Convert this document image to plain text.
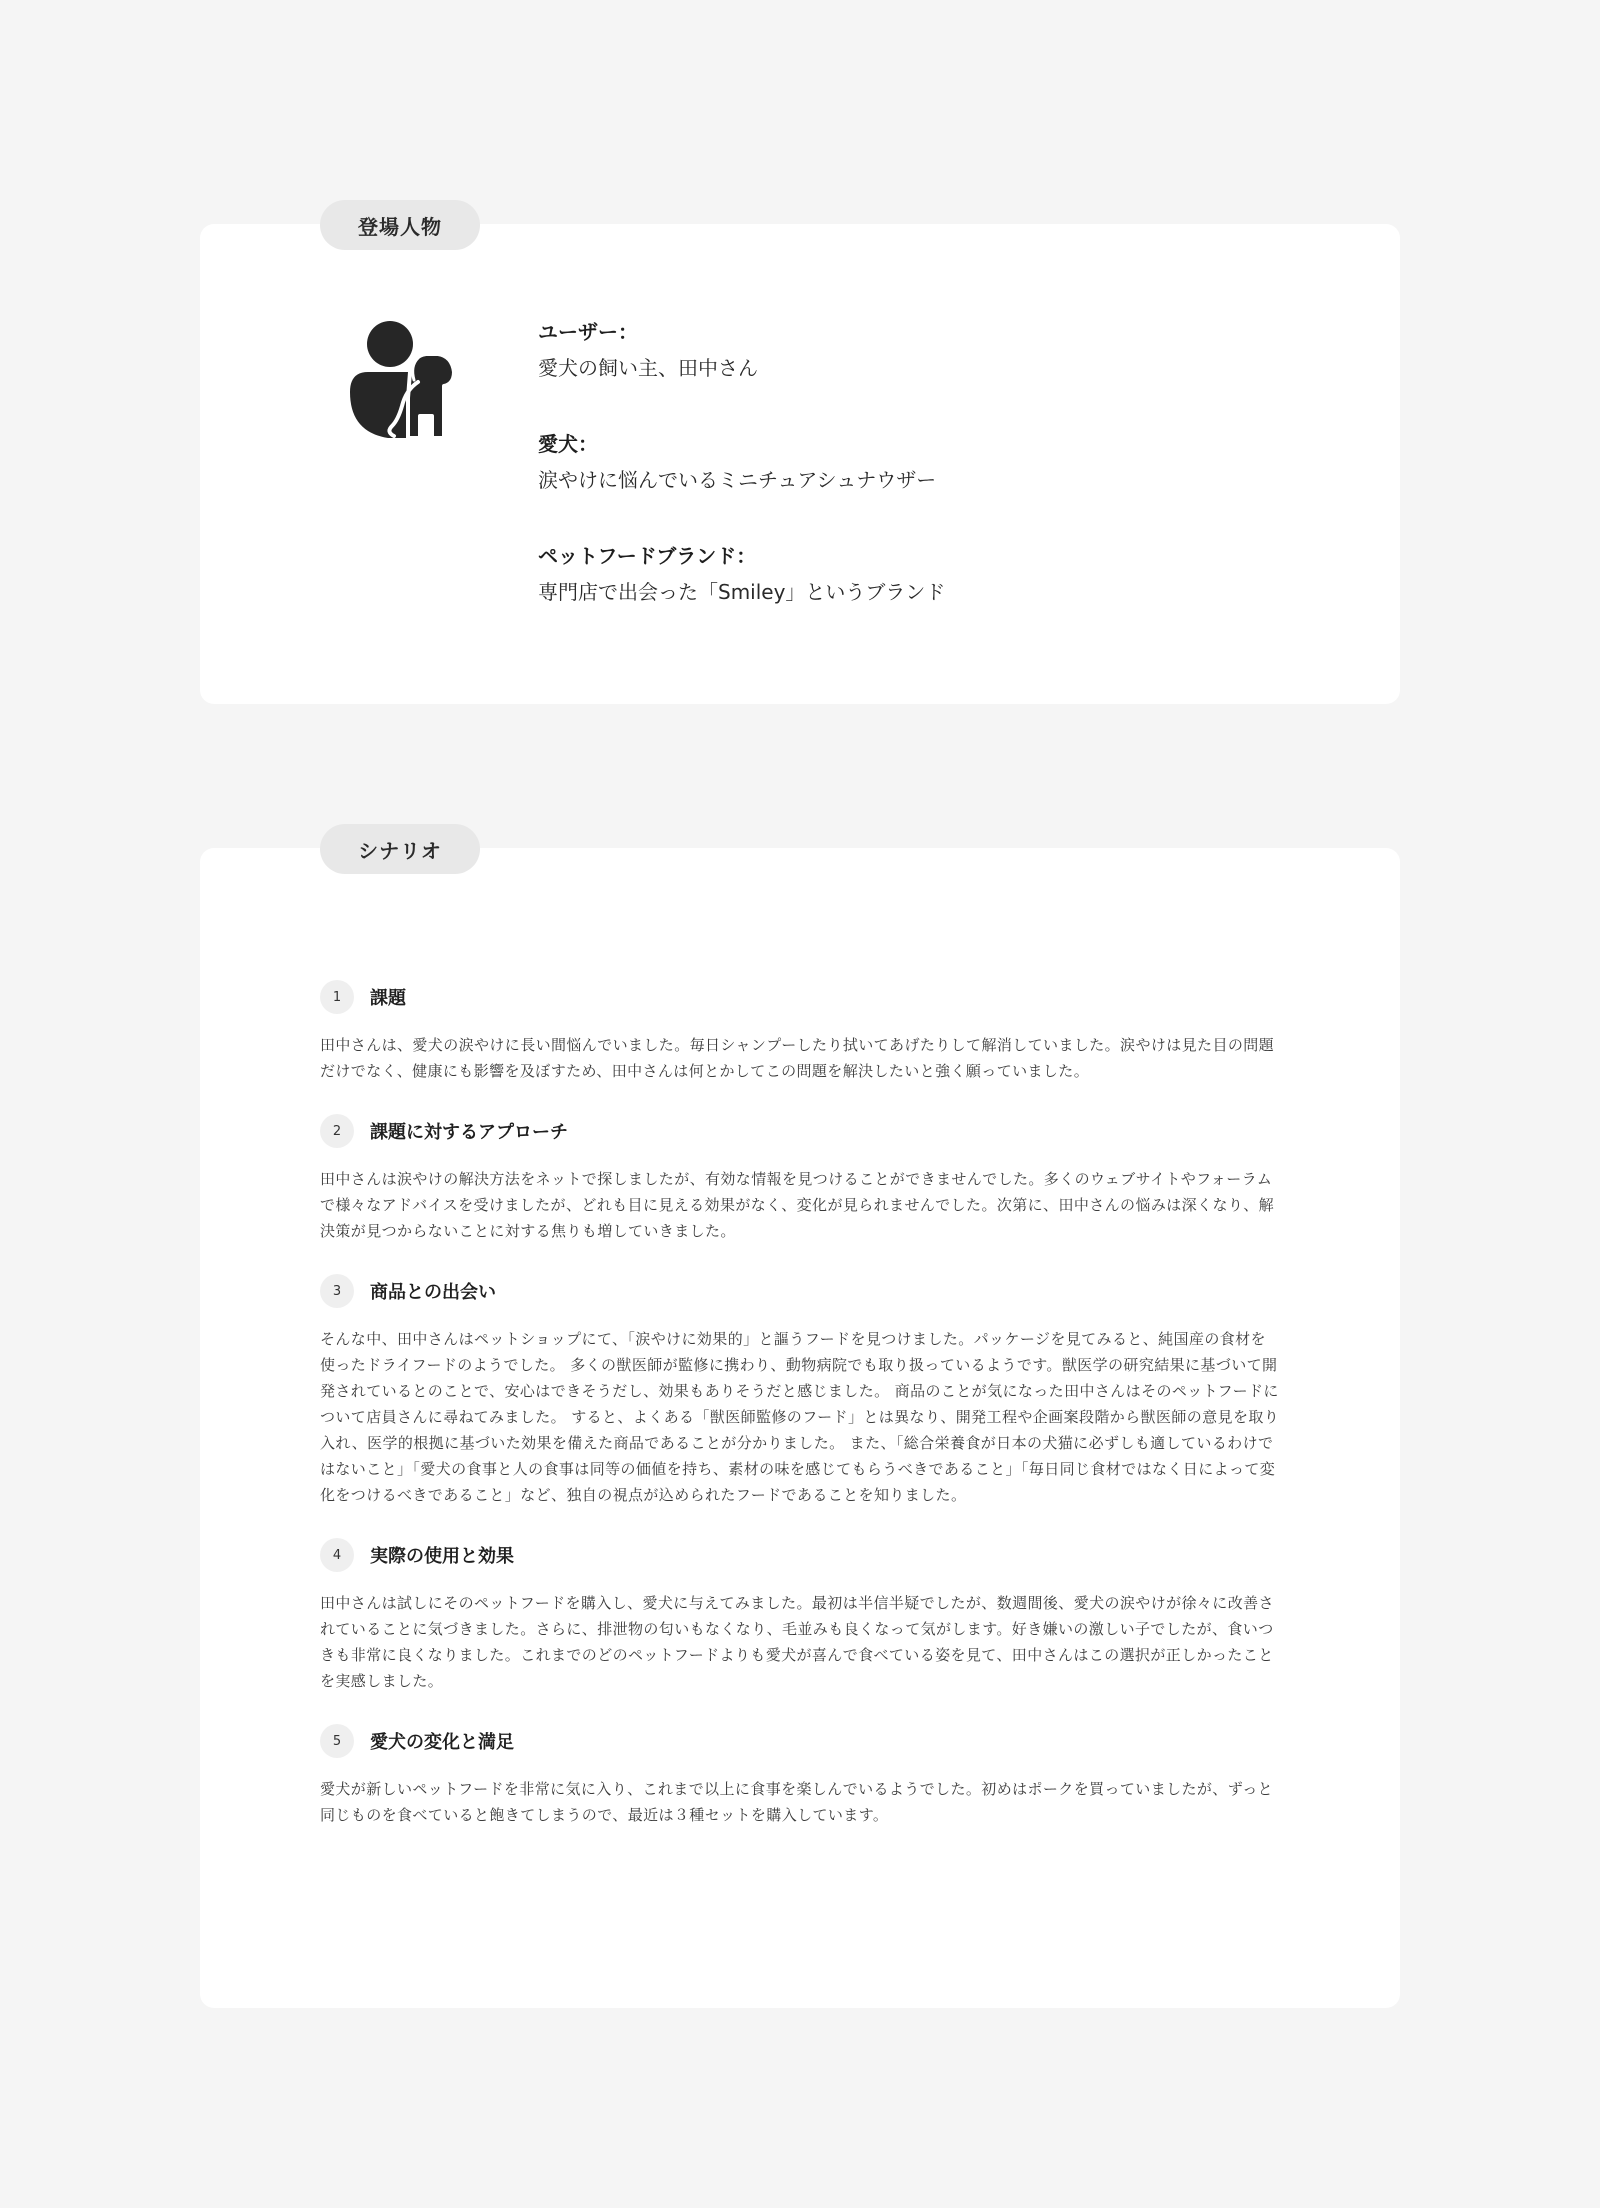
登場人物
ユーザー：
愛犬の飼い主、田中さん
愛犬：
涙やけに悩んでいるミニチュアシュナウザー
ペットフードブランド：
専門店で出会った「Smiley」というブランド
シナリオ
1	課題

田中さんは、愛犬の涙やけに長い間悩んでいました。毎日シャンプーしたり拭いてあげたりして解消していました。涙やけは見た目の問題だけでなく、健康にも影響を及ぼすため、田中さんは何とかしてこの問題を解決したいと強く願っていました。

2	課題に対するアプローチ

田中さんは涙やけの解決方法をネットで探しましたが、有効な情報を見つけることができませんでした。多くのウェブサイトやフォーラムで様々なアドバイスを受けましたが、どれも目に見える効果がなく、変化が見られませんでした。次第に、田中さんの悩みは深くなり、解決策が見つからないことに対する焦りも増していきました。

3	商品との出会い

そんな中、田中さんはペットショップにて、「涙やけに効果的」と謳うフードを見つけました。パッケージを見てみると、純国産の食材を使ったドライフードのようでした。 多くの獣医師が監修に携わり、動物病院でも取り扱っているようです。獣医学の研究結果に基づいて開発されているとのことで、安心はできそうだし、効果もありそうだと感じました。 商品のことが気になった田中さんはそのペットフードについて店員さんに尋ねてみました。 すると、よくある「獣医師監修のフード」とは異なり、開発工程や企画案段階から獣医師の意見を取り入れ、医学的根拠に基づいた効果を備えた商品であることが分かりました。 また、「総合栄養食が日本の犬猫に必ずしも適しているわけではないこと」「愛犬の食事と人の食事は同等の価値を持ち、素材の味を感じてもらうべきであること」「毎日同じ食材ではなく日によって変化をつけるべきであること」など、独自の視点が込められたフードであることを知りました。

4	実際の使用と効果

田中さんは試しにそのペットフードを購入し、愛犬に与えてみました。最初は半信半疑でしたが、数週間後、愛犬の涙やけが徐々に改善されていることに気づきました。さらに、排泄物の匂いもなくなり、毛並みも良くなって気がします。好き嫌いの激しい子でしたが、食いつきも非常に良くなりました。これまでのどのペットフードよりも愛犬が喜んで食べている姿を見て、田中さんはこの選択が正しかったことを実感しました。

5	愛犬の変化と満足

愛犬が新しいペットフードを非常に気に入り、これまで以上に食事を楽しんでいるようでした。初めはポークを買っていましたが、ずっと同じものを食べていると飽きてしまうので、最近は３種セットを購入しています。
